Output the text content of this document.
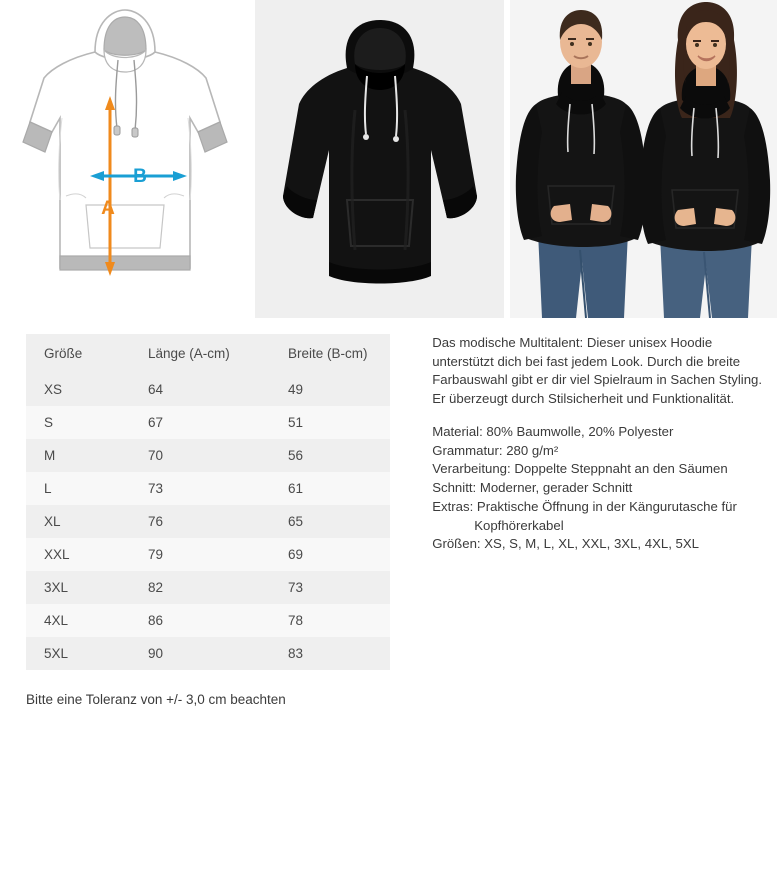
A
B
Größe	Länge (A-cm)	Breite (B-cm)
XS	64	49
S	67	51
M	70	56
L	73	61
XL	76	65
XXL	79	69
3XL	82	73
4XL	86	78
5XL	90	83

Das modische Multitalent: Dieser unisex Hoodie unterstützt dich bei fast jedem Look. Durch die breite Farbauswahl gibt er dir viel Spielraum in Sachen Styling. Er überzeugt durch Stilsicherheit und Funktionalität.

Material: 80% Baumwolle, 20% Polyester

Grammatur: 280 g/m²

Verarbeitung: Doppelte Steppnaht an den Säumen

Schnitt: Moderner, gerader Schnitt

Extras: Praktische Öffnung in der Kängurutasche für

Kopfhörerkabel

Größen: XS, S, M, L, XL, XXL, 3XL, 4XL, 5XL

Bitte eine Toleranz von +/- 3,0 cm beachten
